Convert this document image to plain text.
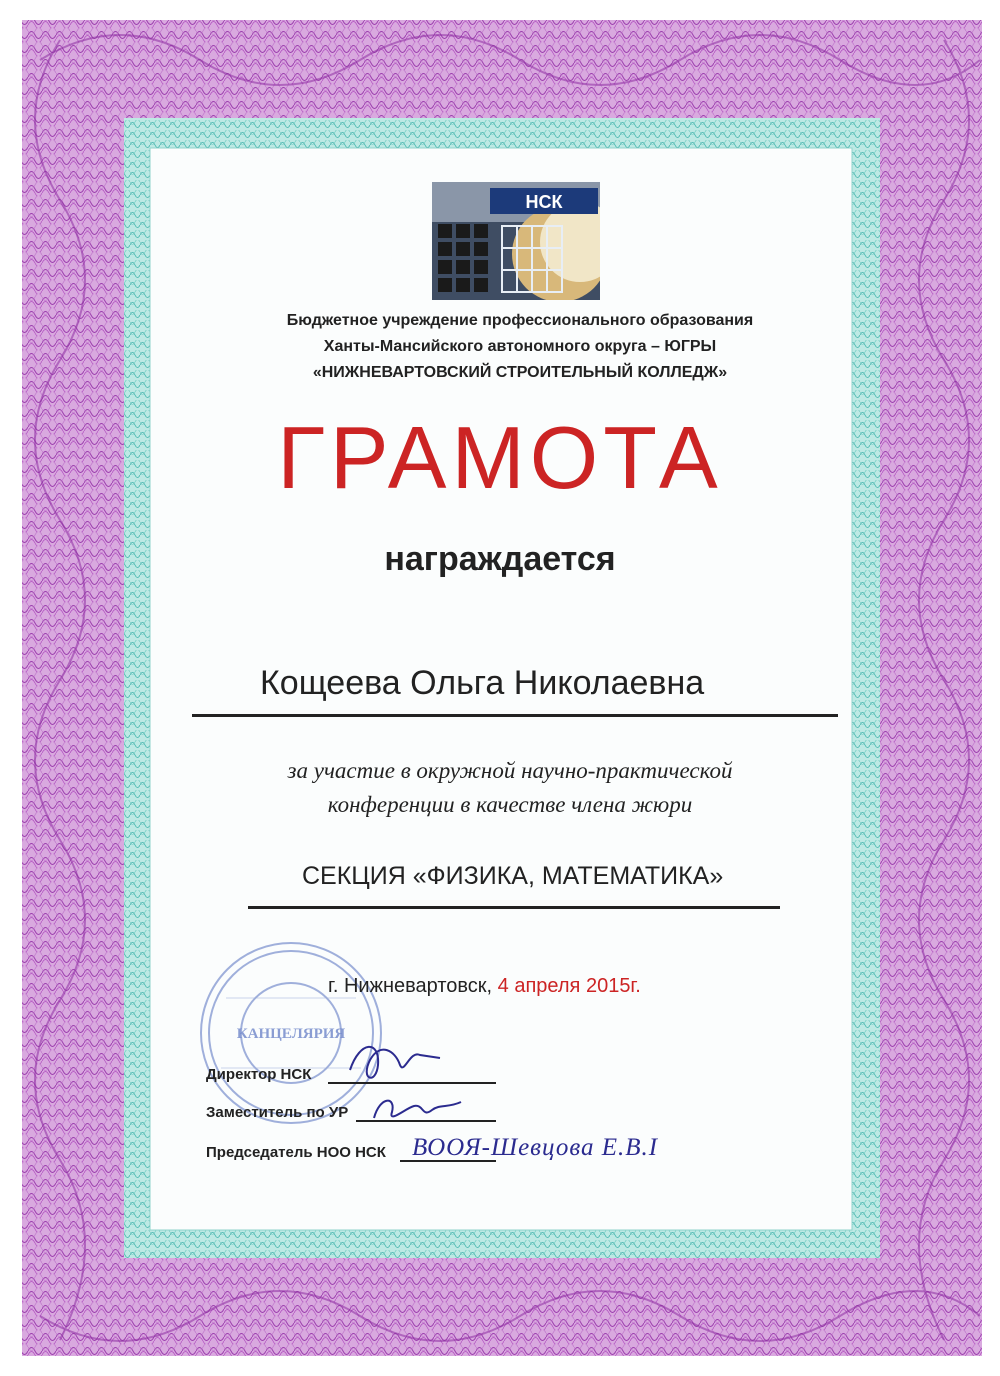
НСК
Бюджетное учреждение профессионального образования
Ханты-Мансийского автономного округа – ЮГРЫ
«НИЖНЕВАРТОВСКИЙ СТРОИТЕЛЬНЫЙ КОЛЛЕДЖ»
ГРАМОТА
награждается
Кощеева Ольга Николаевна
за участие в окружной научно-практической
конференции в качестве члена жюри
СЕКЦИЯ «ФИЗИКА, МАТЕМАТИКА»
КАНЦЕЛЯРИЯ
г. Нижневартовск, 4 апреля 2015г.
Директор НСК
Заместитель по УР
Председатель НОО НСК ВООЯ-Шевцова Е.В.І
